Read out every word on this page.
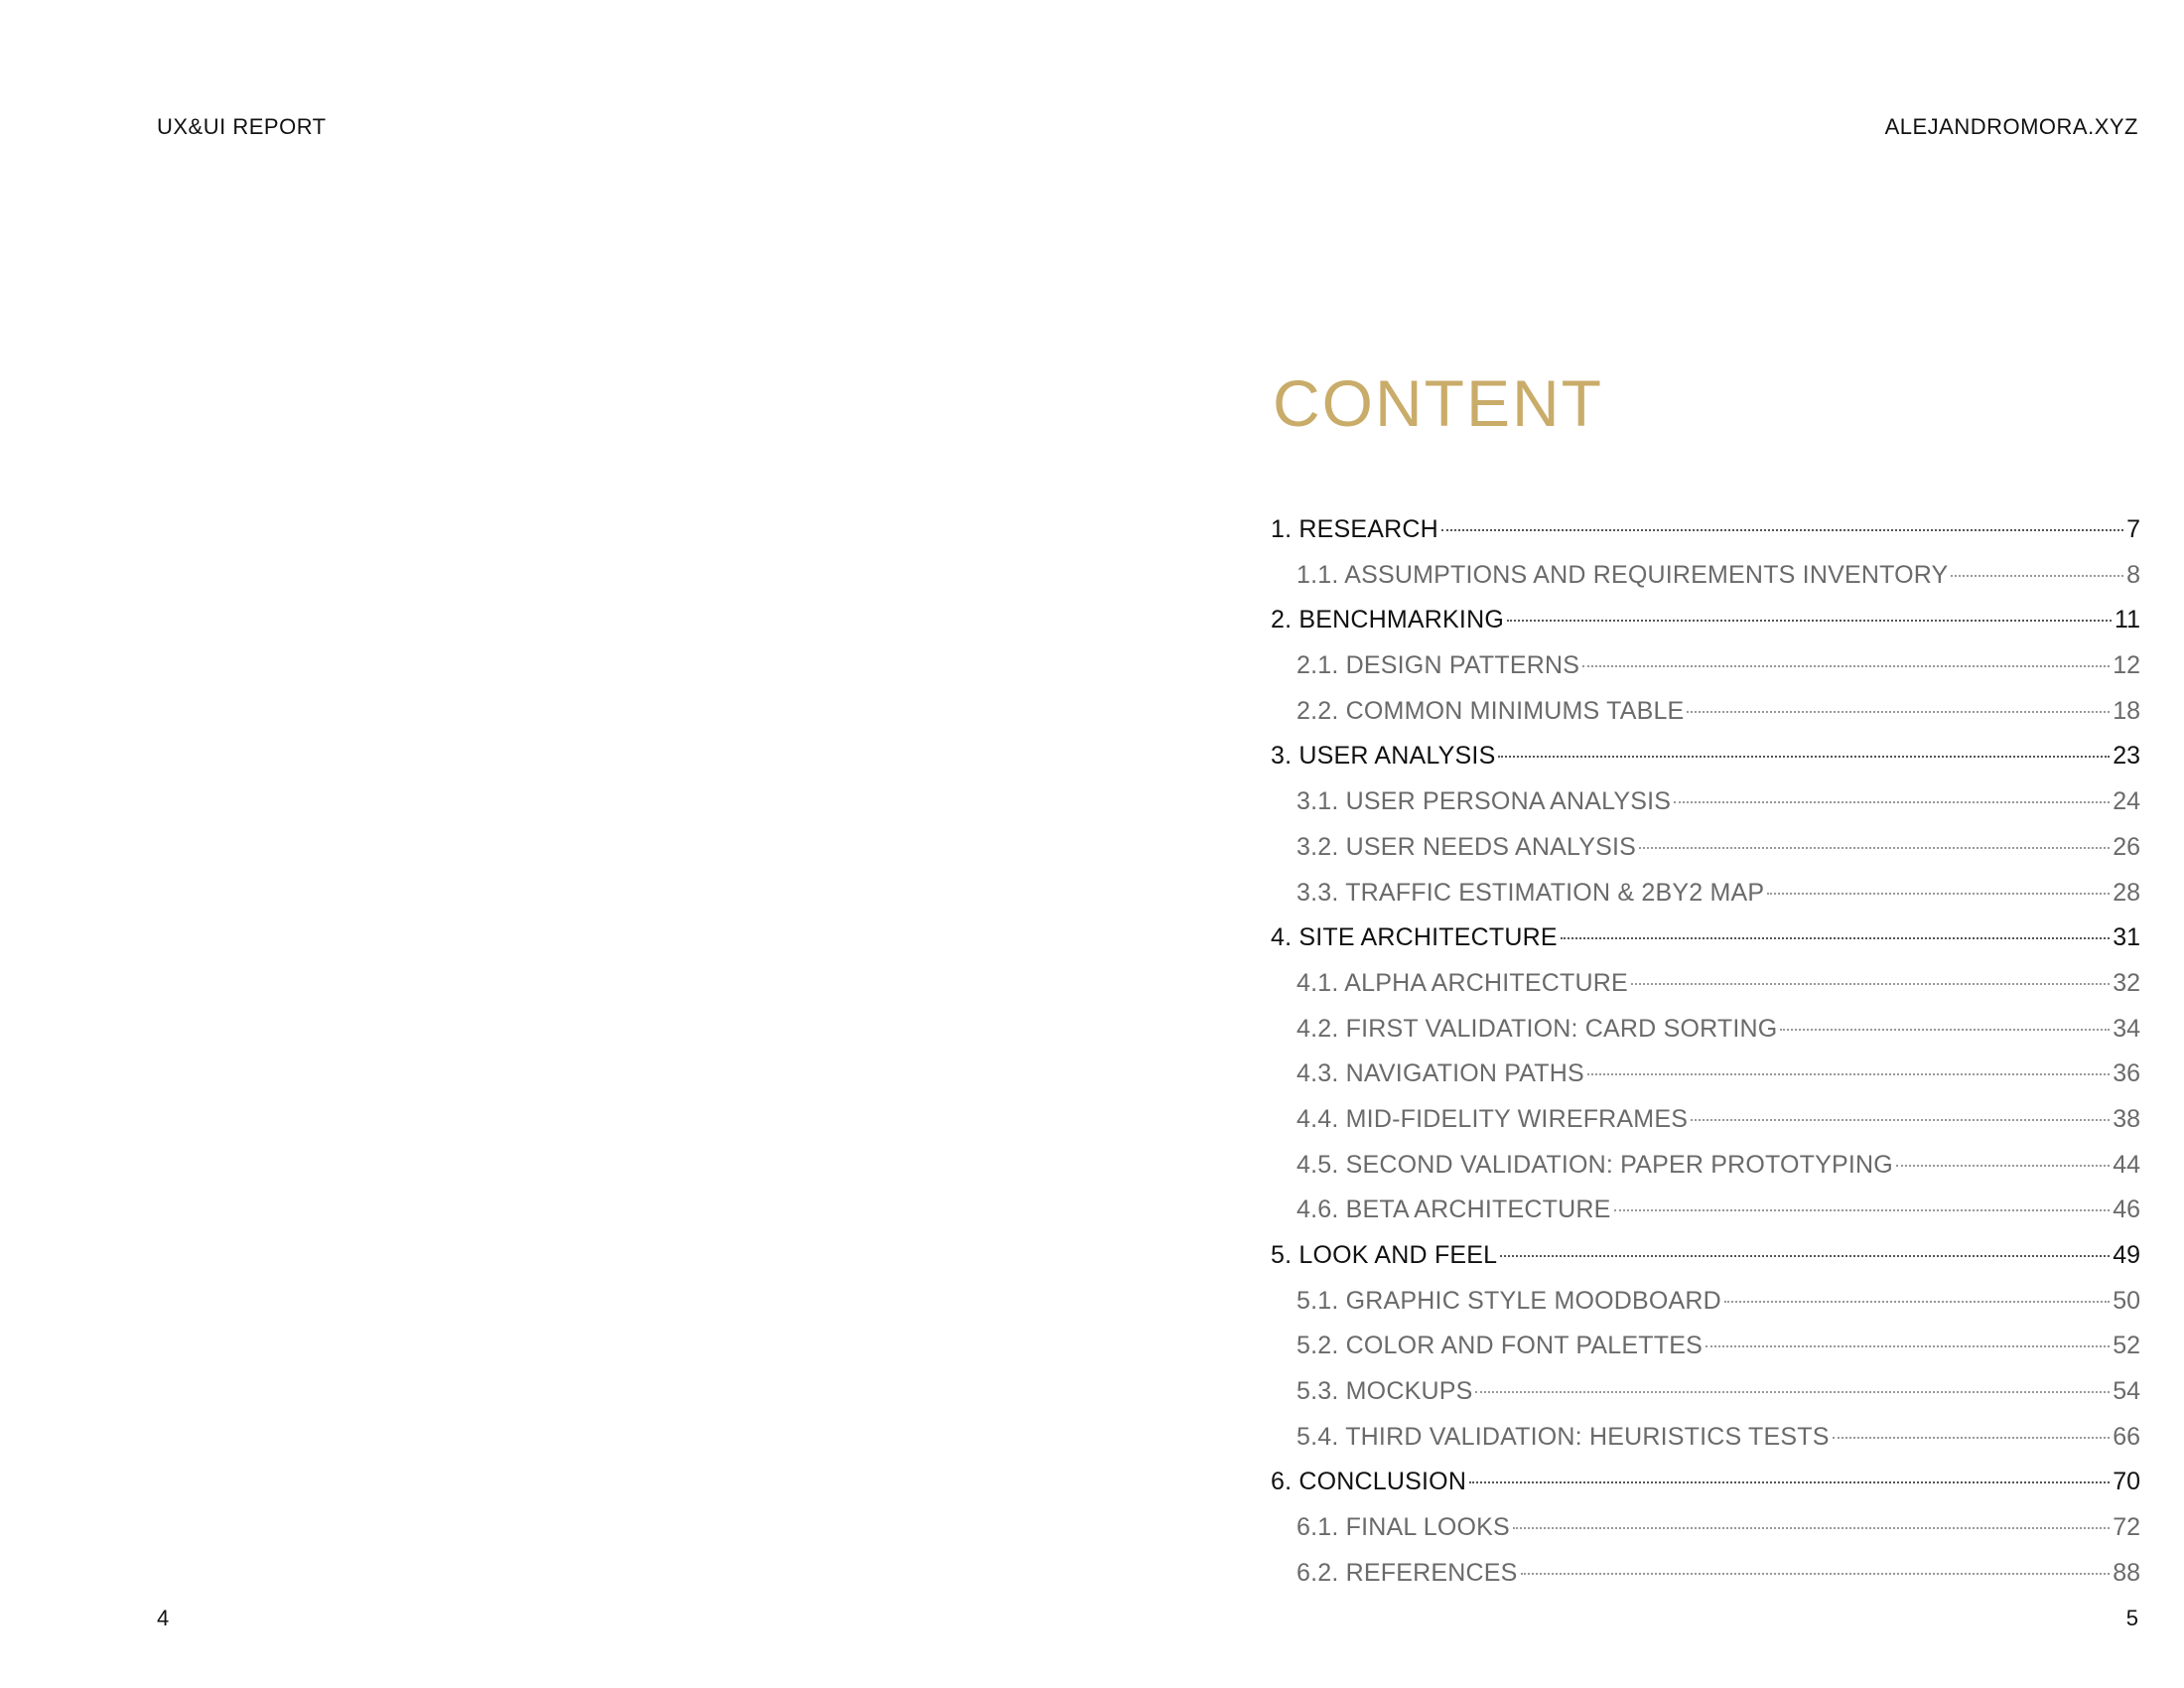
UX&UI REPORT
4
ALEJANDROMORA.XYZ
CONTENT
1. RESEARCH	7
1.1. ASSUMPTIONS AND REQUIREMENTS INVENTORY	8
2. BENCHMARKING	11
2.1. DESIGN PATTERNS	12
2.2. COMMON MINIMUMS TABLE	18
3. USER ANALYSIS	23
3.1. USER PERSONA ANALYSIS	24
3.2. USER NEEDS ANALYSIS	26
3.3. TRAFFIC ESTIMATION & 2BY2 MAP	28
4. SITE ARCHITECTURE	31
4.1. ALPHA ARCHITECTURE	32
4.2. FIRST VALIDATION: CARD SORTING	34
4.3. NAVIGATION PATHS	36
4.4. MID-FIDELITY WIREFRAMES	38
4.5. SECOND VALIDATION: PAPER PROTOTYPING	44
4.6. BETA ARCHITECTURE	46
5. LOOK AND FEEL	49
5.1. GRAPHIC STYLE MOODBOARD	50
5.2. COLOR AND FONT PALETTES	52
5.3. MOCKUPS	54
5.4. THIRD VALIDATION: HEURISTICS TESTS	66
6. CONCLUSION	70
6.1. FINAL LOOKS	72
6.2. REFERENCES	88
5
